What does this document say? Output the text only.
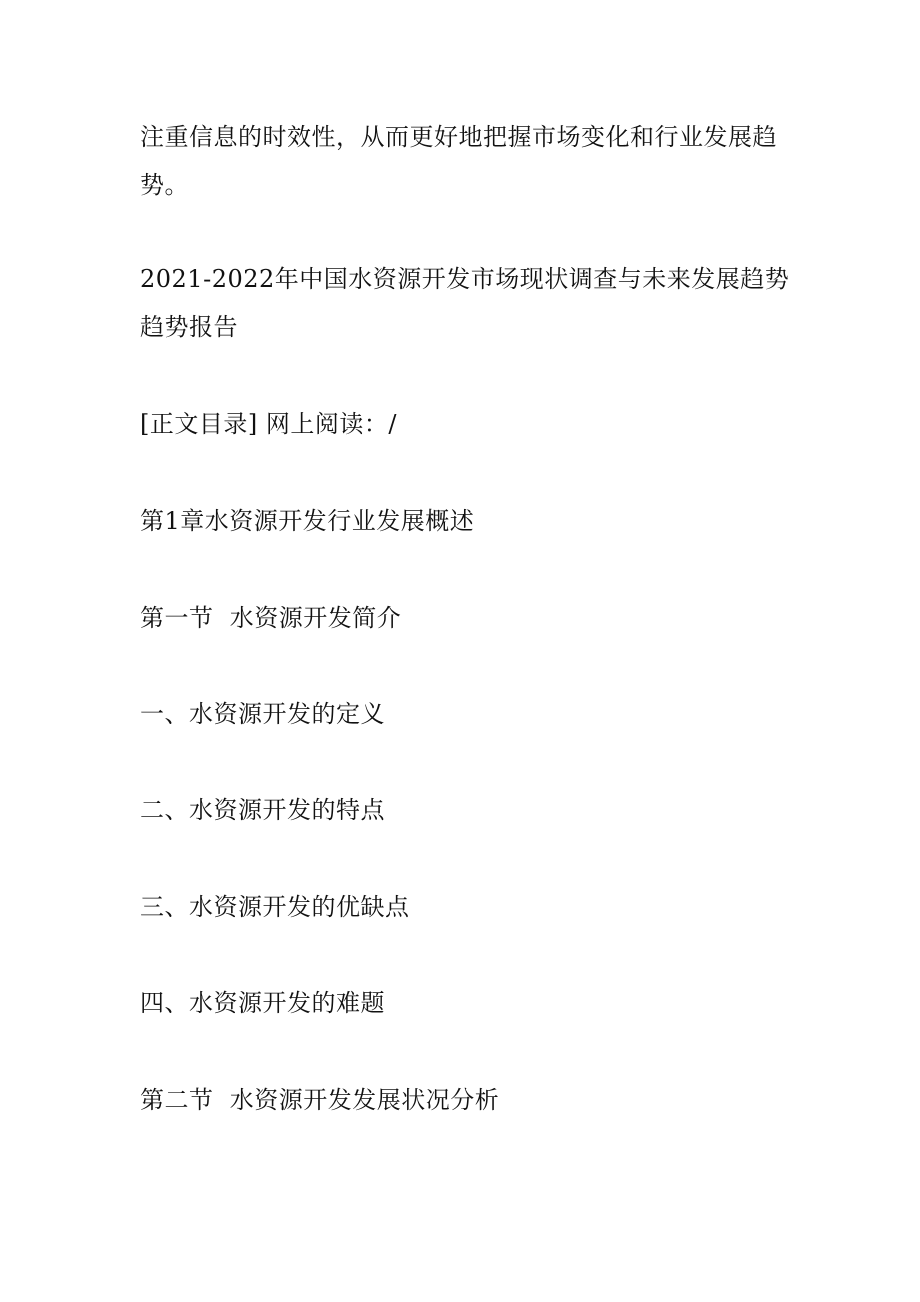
注重信息的时效性，从而更好地把握市场变化和行业发展趋势。

2021-2022年中国水资源开发市场现状调查与未来发展趋势趋势报告

[正文目录] 网上阅读：/

第1章水资源开发行业发展概述

第一节  水资源开发简介

一、水资源开发的定义

二、水资源开发的特点

三、水资源开发的优缺点

四、水资源开发的难题

第二节  水资源开发发展状况分析
